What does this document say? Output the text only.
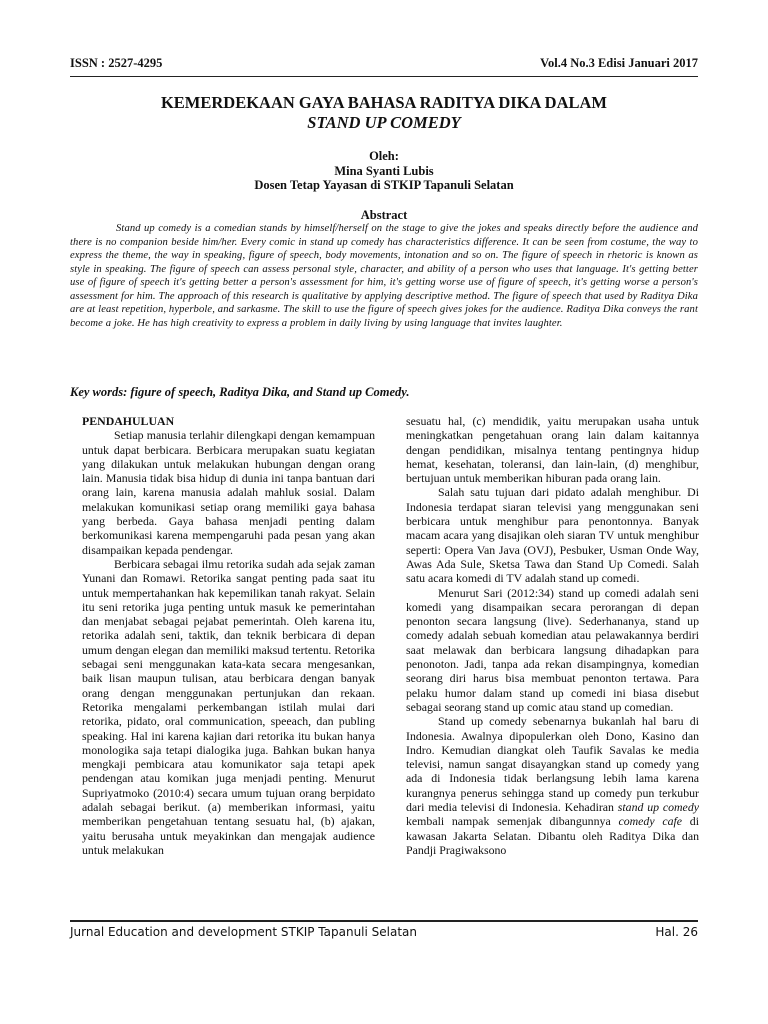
ISSN : 2527-4295	Vol.4 No.3 Edisi Januari 2017
KEMERDEKAAN GAYA BAHASA RADITYA DIKA DALAM
STAND UP COMEDY
Oleh:
Mina Syanti Lubis
Dosen Tetap Yayasan di STKIP Tapanuli Selatan
Abstract
Stand up comedy is a comedian stands by himself/herself on the stage to give the jokes and speaks directly before the audience and there is no companion beside him/her. Every comic in stand up comedy has characteristics difference. It can be seen from costume, the way to express the theme, the way in speaking, figure of speech, body movements, intonation and so on. The figure of speech in rhetoric is known as style in speaking. The figure of speech can assess personal style, character, and ability of a person who uses that language. It's getting better use of figure of speech it's getting better a person's assessment for him, it's getting worse use of figure of speech, it's getting worse a person's assessment for him. The approach of this research is qualitative by applying descriptive method. The figure of speech that used by Raditya Dika are at least repetition, hyperbole, and sarkasme. The skill to use the figure of speech gives jokes for the audience. Raditya Dika conveys the rant become a joke. He has high creativity to express a problem in daily living by using language that invites laughter.
Key words: figure of speech, Raditya Dika, and Stand up Comedy.
PENDAHULUAN

Setiap manusia terlahir dilengkapi dengan kemampuan untuk dapat berbicara. Berbicara merupakan suatu kegiatan yang dilakukan untuk melakukan hubungan dengan orang lain. Manusia tidak bisa hidup di dunia ini tanpa bantuan dari orang lain, karena manusia adalah mahluk sosial. Dalam melakukan komunikasi setiap orang memiliki gaya bahasa yang berbeda. Gaya bahasa menjadi penting dalam berkomunikasi karena mempengaruhi pada pesan yang akan disampaikan kepada pendengar.

Berbicara sebagai ilmu retorika sudah ada sejak zaman Yunani dan Romawi. Retorika sangat penting pada saat itu untuk mempertahankan hak kepemilikan tanah rakyat. Selain itu seni retorika juga penting untuk masuk ke pemerintahan dan menjabat sebagai pejabat pemerintah. Oleh karena itu, retorika adalah seni, taktik, dan teknik berbicara di depan umum dengan elegan dan memiliki maksud tertentu. Retorika sebagai seni menggunakan kata-kata secara mengesankan, baik lisan maupun tulisan, atau berbicara dengan banyak orang dengan menggunakan pertunjukan dan rekaan. Retorika mengalami perkembangan istilah mulai dari retorika, pidato, oral communication, speeach, dan publing speaking. Hal ini karena kajian dari retorika itu bukan hanya monologika saja tetapi dialogika juga. Bahkan bukan hanya mengkaji pembicara atau komunikator saja tetapi apek pendengan atau komikan juga menjadi penting. Menurut Supriyatmoko (2010:4) secara umum tujuan orang berpidato adalah sebagai berikut. (a) memberikan informasi, yaitu memberikan pengetahuan tentang sesuatu hal, (b) ajakan, yaitu berusaha untuk meyakinkan dan mengajak audience untuk melakukan

sesuatu hal, (c) mendidik, yaitu merupakan usaha untuk meningkatkan pengetahuan orang lain dalam kaitannya dengan pendidikan, misalnya tentang pentingnya hidup hemat, kesehatan, toleransi, dan lain-lain, (d) menghibur, bertujuan untuk memberikan hiburan pada orang lain.

Salah satu tujuan dari pidato adalah menghibur. Di Indonesia terdapat siaran televisi yang menggunakan seni berbicara untuk menghibur para penontonnya. Banyak macam acara yang disajikan oleh siaran TV untuk menghibur seperti: Opera Van Java (OVJ), Pesbuker, Usman Onde Way, Awas Ada Sule, Sketsa Tawa dan Stand Up Comedi. Salah satu acara komedi di TV adalah stand up comedi.

Menurut Sari (2012:34) stand up comedi adalah seni komedi yang disampaikan secara perorangan di depan penonton secara langsung (live). Sederhananya, stand up comedy adalah sebuah komedian atau pelawakannya berdiri saat melawak dan berbicara langsung dihadapkan para penonoton. Jadi, tanpa ada rekan disampingnya, komedian seorang diri harus bisa membuat penonton tertawa. Para pelaku humor dalam stand up comedi ini biasa disebut sebagai seorang stand up comic atau stand up comedian.

Stand up comedy sebenarnya bukanlah hal baru di Indonesia. Awalnya dipopulerkan oleh Dono, Kasino dan Indro. Kemudian diangkat oleh Taufik Savalas ke media televisi, namun sangat disayangkan stand up comedy yang ada di Indonesia tidak berlangsung lebih lama karena kurangnya penerus sehingga stand up comedy pun terkubur dari media televisi di Indonesia. Kehadiran stand up comedy kembali nampak semenjak dibangunnya comedy cafe di kawasan Jakarta Selatan. Dibantu oleh Raditya Dika dan Pandji Pragiwaksono

Jurnal Education and development STKIP Tapanuli Selatan	Hal. 26
